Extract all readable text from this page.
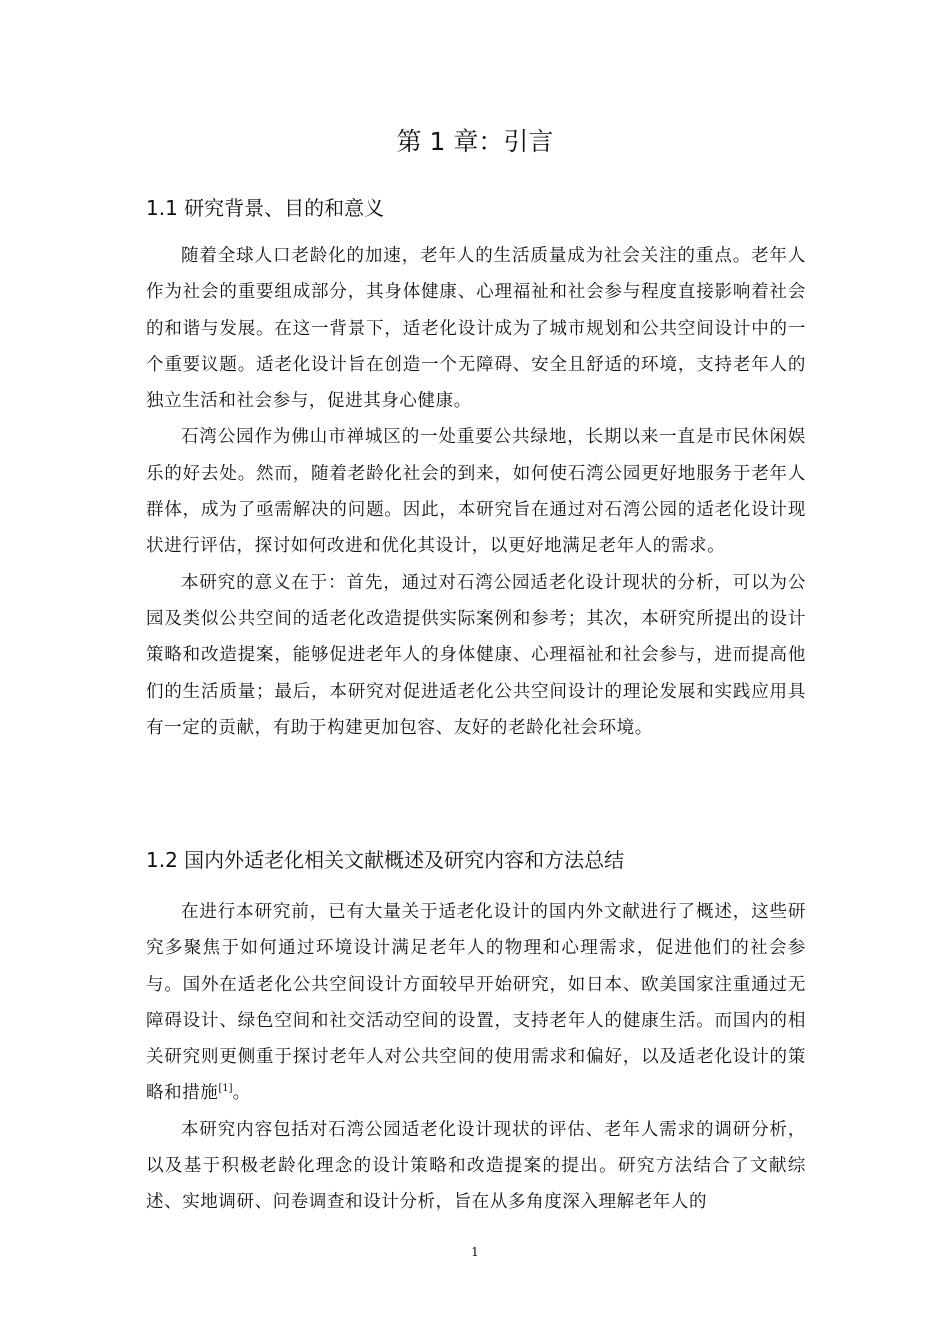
第 1 章：引言
1.1 研究背景、目的和意义

随着全球人口老龄化的加速，老年人的生活质量成为社会关注的重点。老年人作为社会的重要组成部分，其身体健康、心理福祉和社会参与程度直接影响着社会的和谐与发展。在这一背景下，适老化设计成为了城市规划和公共空间设计中的一个重要议题。适老化设计旨在创造一个无障碍、安全且舒适的环境，支持老年人的独立生活和社会参与，促进其身心健康。

石湾公园作为佛山市禅城区的一处重要公共绿地，长期以来一直是市民休闲娱乐的好去处。然而，随着老龄化社会的到来，如何使石湾公园更好地服务于老年人群体，成为了亟需解决的问题。因此，本研究旨在通过对石湾公园的适老化设计现状进行评估，探讨如何改进和优化其设计，以更好地满足老年人的需求。

本研究的意义在于：首先，通过对石湾公园适老化设计现状的分析，可以为公园及类似公共空间的适老化改造提供实际案例和参考；其次，本研究所提出的设计策略和改造提案，能够促进老年人的身体健康、心理福祉和社会参与，进而提高他们的生活质量；最后，本研究对促进适老化公共空间设计的理论发展和实践应用具有一定的贡献，有助于构建更加包容、友好的老龄化社会环境。

1.2 国内外适老化相关文献概述及研究内容和方法总结

在进行本研究前，已有大量关于适老化设计的国内外文献进行了概述，这些研究多聚焦于如何通过环境设计满足老年人的物理和心理需求，促进他们的社会参与。国外在适老化公共空间设计方面较早开始研究，如日本、欧美国家注重通过无障碍设计、绿色空间和社交活动空间的设置，支持老年人的健康生活。而国内的相关研究则更侧重于探讨老年人对公共空间的使用需求和偏好，以及适老化设计的策略和措施[1]。

本研究内容包括对石湾公园适老化设计现状的评估、老年人需求的调研分析，以及基于积极老龄化理念的设计策略和改造提案的提出。研究方法结合了文献综述、实地调研、问卷调查和设计分析，旨在从多角度深入理解老年人的

1
